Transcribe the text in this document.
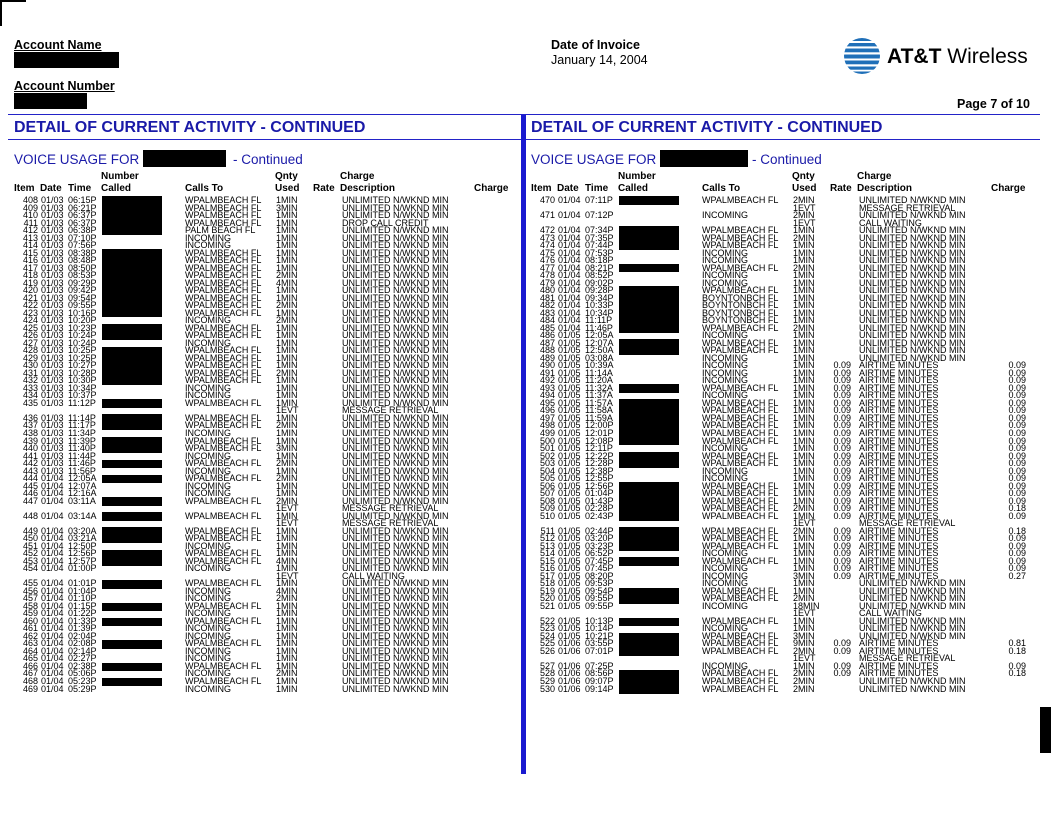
Account Name
Account Number
Date of Invoice
January 14, 2004	AT&T Wireless
Page 7 of 10
DETAIL OF CURRENT ACTIVITY - CONTINUED
VOICE USAGE FOR	- Continued
Number	Qnty	Charge
Item Date Time Called	Calls To	Used Rate Description	Charge
408 01/03 06:15P	WPALMBEACH FL	1MIN	UNLIMITED N/WKND MIN
409 01/03 06:21P	WPALMBEACH FL	3MIN	UNLIMITED N/WKND MIN
410 01/03 06:37P	WPALMBEACH FL	1MIN	UNLIMITED N/WKND MIN
411 01/03 06:37P	WPALMBEACH FL	1MIN	DROP CALL CREDIT
412 01/03 06:38P	PALM BEACH FL	1MIN	UNLIMITED N/WKND MIN
413 01/03 07:10P	INCOMING	1MIN	UNLIMITED N/WKND MIN
414 01/03 07:56P	INCOMING	1MIN	UNLIMITED N/WKND MIN
415 01/03 08:38P	WPALMBEACH FL	1MIN	UNLIMITED N/WKND MIN
416 01/03 08:48P	WPALMBEACH FL	1MIN	UNLIMITED N/WKND MIN
417 01/03 08:50P	WPALMBEACH FL	1MIN	UNLIMITED N/WKND MIN
418 01/03 08:53P	WPALMBEACH FL	2MIN	UNLIMITED N/WKND MIN
419 01/03 09:29P	WPALMBEACH FL	4MIN	UNLIMITED N/WKND MIN
420 01/03 09:42P	WPALMBEACH FL	1MIN	UNLIMITED N/WKND MIN
421 01/03 09:54P	WPALMBEACH FL	1MIN	UNLIMITED N/WKND MIN
422 01/03 09:55P	WPALMBEACH FL	2MIN	UNLIMITED N/WKND MIN
423 01/03 10:16P	WPALMBEACH FL	1MIN	UNLIMITED N/WKND MIN
424 01/03 10:20P	INCOMING	2MIN	UNLIMITED N/WKND MIN
425 01/03 10:23P	WPALMBEACH FL	1MIN	UNLIMITED N/WKND MIN
426 01/03 10:24P	WPALMBEACH FL	1MIN	UNLIMITED N/WKND MIN
427 01/03 10:24P	INCOMING	1MIN	UNLIMITED N/WKND MIN
428 01/03 10:25P	WPALMBEACH FL	1MIN	UNLIMITED N/WKND MIN
429 01/03 10:25P	WPALMBEACH FL	1MIN	UNLIMITED N/WKND MIN
430 01/03 10:27P	WPALMBEACH FL	1MIN	UNLIMITED N/WKND MIN
431 01/03 10:28P	WPALMBEACH FL	2MIN	UNLIMITED N/WKND MIN
432 01/03 10:30P	WPALMBEACH FL	1MIN	UNLIMITED N/WKND MIN
433 01/03 10:34P	INCOMING	1MIN	UNLIMITED N/WKND MIN
434 01/03 10:37P	INCOMING	1MIN	UNLIMITED N/WKND MIN
435 01/03 11:12P	WPALMBEACH FL	1MIN	UNLIMITED N/WKND MIN
1EVT	MESSAGE RETRIEVAL
436 01/03 11:14P	WPALMBEACH FL	1MIN	UNLIMITED N/WKND MIN
437 01/03 11:17P	WPALMBEACH FL	2MIN	UNLIMITED N/WKND MIN
438 01/03 11:34P	INCOMING	1MIN	UNLIMITED N/WKND MIN
439 01/03 11:39P	WPALMBEACH FL	1MIN	UNLIMITED N/WKND MIN
440 01/03 11:40P	WPALMBEACH FL	3MIN	UNLIMITED N/WKND MIN
441 01/03 11:44P	INCOMING	1MIN	UNLIMITED N/WKND MIN
442 01/03 11:46P	WPALMBEACH FL	2MIN	UNLIMITED N/WKND MIN
443 01/03 11:56P	INCOMING	1MIN	UNLIMITED N/WKND MIN
444 01/04 12:05A	WPALMBEACH FL	2MIN	UNLIMITED N/WKND MIN
445 01/04 12:07A	INCOMING	1MIN	UNLIMITED N/WKND MIN
446 01/04 12:16A	INCOMING	1MIN	UNLIMITED N/WKND MIN
447 01/04 03:11A	WPALMBEACH FL	2MIN	UNLIMITED N/WKND MIN
1EVT	MESSAGE RETRIEVAL
448 01/04 03:14A	WPALMBEACH FL	1MIN	UNLIMITED N/WKND MIN
1EVT	MESSAGE RETRIEVAL
449 01/04 03:20A	WPALMBEACH FL	1MIN	UNLIMITED N/WKND MIN
450 01/04 03:21A	WPALMBEACH FL	1MIN	UNLIMITED N/WKND MIN
451 01/04 12:50P	INCOMING	1MIN	UNLIMITED N/WKND MIN
452 01/04 12:56P	WPALMBEACH FL	1MIN	UNLIMITED N/WKND MIN
453 01/04 12:57P	WPALMBEACH FL	4MIN	UNLIMITED N/WKND MIN
454 01/04 01:00P	INCOMING	1MIN	UNLIMITED N/WKND MIN
1EVT	CALL WAITING
455 01/04 01:01P	WPALMBEACH FL	1MIN	UNLIMITED N/WKND MIN
456 01/04 01:04P	INCOMING	4MIN	UNLIMITED N/WKND MIN
457 01/04 01:10P	INCOMING	2MIN	UNLIMITED N/WKND MIN
458 01/04 01:15P	WPALMBEACH FL	1MIN	UNLIMITED N/WKND MIN
459 01/04 01:22P	INCOMING	1MIN	UNLIMITED N/WKND MIN
460 01/04 01:33P	WPALMBEACH FL	1MIN	UNLIMITED N/WKND MIN
461 01/04 01:39P	INCOMING	1MIN	UNLIMITED N/WKND MIN
462 01/04 02:04P	INCOMING	1MIN	UNLIMITED N/WKND MIN
463 01/04 02:08P	WPALMBEACH FL	1MIN	UNLIMITED N/WKND MIN
464 01/04 02:14P	INCOMING	1MIN	UNLIMITED N/WKND MIN
465 01/04 02:27P	INCOMING	1MIN	UNLIMITED N/WKND MIN
466 01/04 02:38P	WPALMBEACH FL	1MIN	UNLIMITED N/WKND MIN
467 01/04 05:06P	INCOMING	2MIN	UNLIMITED N/WKND MIN
468 01/04 05:23P	WPALMBEACH FL	1MIN	UNLIMITED N/WKND MIN
469 01/04 05:29P	INCOMING	1MIN	UNLIMITED N/WKND MIN
DETAIL OF CURRENT ACTIVITY - CONTINUED
VOICE USAGE FOR	- Continued
Number	Qnty	Charge
Item Date Time Called	Calls To	Used Rate Description	Charge
470 01/04 07:11P	WPALMBEACH FL	2MIN	UNLIMITED N/WKND MIN
1EVT	MESSAGE RETRIEVAL
471 01/04 07:12P	INCOMING	2MIN	UNLIMITED N/WKND MIN
1EVT	CALL WAITING
472 01/04 07:34P	WPALMBEACH FL	1MIN	UNLIMITED N/WKND MIN
473 01/04 07:35P	WPALMBEACH FL	2MIN	UNLIMITED N/WKND MIN
474 01/04 07:44P	WPALMBEACH FL	1MIN	UNLIMITED N/WKND MIN
475 01/04 07:53P	INCOMING	1MIN	UNLIMITED N/WKND MIN
476 01/04 08:18P	INCOMING	1MIN	UNLIMITED N/WKND MIN
477 01/04 08:21P	WPALMBEACH FL	2MIN	UNLIMITED N/WKND MIN
478 01/04 08:52P	INCOMING	1MIN	UNLIMITED N/WKND MIN
479 01/04 09:02P	INCOMING	1MIN	UNLIMITED N/WKND MIN
480 01/04 09:28P	WPALMBEACH FL	1MIN	UNLIMITED N/WKND MIN
481 01/04 09:34P	BOYNTONBCH FL	1MIN	UNLIMITED N/WKND MIN
482 01/04 10:33P	BOYNTONBCH FL	1MIN	UNLIMITED N/WKND MIN
483 01/04 10:34P	BOYNTONBCH FL	1MIN	UNLIMITED N/WKND MIN
484 01/04 11:11P	BOYNTONBCH FL	1MIN	UNLIMITED N/WKND MIN
485 01/04 11:46P	WPALMBEACH FL	2MIN	UNLIMITED N/WKND MIN
486 01/05 12:05A	INCOMING	1MIN	UNLIMITED N/WKND MIN
487 01/05 12:07A	WPALMBEACH FL	1MIN	UNLIMITED N/WKND MIN
488 01/05 12:50A	WPALMBEACH FL	1MIN	UNLIMITED N/WKND MIN
489 01/05 03:08A	INCOMING	1MIN	UNLIMITED N/WKND MIN
490 01/05 10:39A	INCOMING	1MIN	0.09 AIRTIME MINUTES	0.09
491 01/05 11:14A	INCOMING	1MIN	0.09 AIRTIME MINUTES	0.09
492 01/05 11:20A	INCOMING	1MIN	0.09 AIRTIME MINUTES	0.09
493 01/05 11:32A	WPALMBEACH FL	1MIN	0.09 AIRTIME MINUTES	0.09
494 01/05 11:37A	INCOMING	1MIN	0.09 AIRTIME MINUTES	0.09
495 01/05 11:57A	WPALMBEACH FL	1MIN	0.09 AIRTIME MINUTES	0.09
496 01/05 11:58A	WPALMBEACH FL	1MIN	0.09 AIRTIME MINUTES	0.09
497 01/05 11:59A	WPALMBEACH FL	1MIN	0.09 AIRTIME MINUTES	0.09
498 01/05 12:00P	WPALMBEACH FL	1MIN	0.09 AIRTIME MINUTES	0.09
499 01/05 12:01P	WPALMBEACH FL	1MIN	0.09 AIRTIME MINUTES	0.09
500 01/05 12:08P	WPALMBEACH FL	1MIN	0.09 AIRTIME MINUTES	0.09
501 01/05 12:11P	INCOMING	1MIN	0.09 AIRTIME MINUTES	0.09
502 01/05 12:22P	WPALMBEACH FL	1MIN	0.09 AIRTIME MINUTES	0.09
503 01/05 12:28P	WPALMBEACH FL	1MIN	0.09 AIRTIME MINUTES	0.09
504 01/05 12:38P	INCOMING	1MIN	0.09 AIRTIME MINUTES	0.09
505 01/05 12:55P	INCOMING	1MIN	0.09 AIRTIME MINUTES	0.09
506 01/05 12:56P	WPALMBEACH FL	1MIN	0.09 AIRTIME MINUTES	0.09
507 01/05 01:04P	WPALMBEACH FL	1MIN	0.09 AIRTIME MINUTES	0.09
508 01/05 01:43P	WPALMBEACH FL	1MIN	0.09 AIRTIME MINUTES	0.09
509 01/05 02:28P	WPALMBEACH FL	2MIN	0.09 AIRTIME MINUTES	0.18
510 01/05 02:43P	WPALMBEACH FL	1MIN	0.09 AIRTIME MINUTES	0.09
1EVT	MESSAGE RETRIEVAL
511 01/05 02:44P	WPALMBEACH FL	2MIN	0.09 AIRTIME MINUTES	0.18
512 01/05 03:20P	WPALMBEACH FL	1MIN	0.09 AIRTIME MINUTES	0.09
513 01/05 03:23P	WPALMBEACH FL	1MIN	0.09 AIRTIME MINUTES	0.09
514 01/05 06:52P	INCOMING	1MIN	0.09 AIRTIME MINUTES	0.09
515 01/05 07:45P	WPALMBEACH FL	1MIN	0.09 AIRTIME MINUTES	0.09
516 01/05 07:45P	INCOMING	1MIN	0.09 AIRTIME MINUTES	0.09
517 01/05 08:20P	INCOMING	3MIN	0.09 AIRTIME MINUTES	0.27
518 01/05 09:53P	INCOMING	1MIN	UNLIMITED N/WKND MIN
519 01/05 09:54P	WPALMBEACH FL	1MIN	UNLIMITED N/WKND MIN
520 01/05 09:55P	WPALMBEACH FL	2MIN	UNLIMITED N/WKND MIN
521 01/05 09:55P	INCOMING	18MIN	UNLIMITED N/WKND MIN
1EVT	CALL WAITING
522 01/05 10:13P	WPALMBEACH FL	1MIN	UNLIMITED N/WKND MIN
523 01/05 10:14P	INCOMING	1MIN	UNLIMITED N/WKND MIN
524 01/05 10:21P	WPALMBEACH FL	3MIN	UNLIMITED N/WKND MIN
525 01/06 03:55P	WPALMBEACH FL	9MIN	0.09 AIRTIME MINUTES	0.81
526 01/06 07:01P	WPALMBEACH FL	2MIN	0.09 AIRTIME MINUTES	0.18
1EVT	MESSAGE RETRIEVAL
527 01/06 07:25P	INCOMING	1MIN	0.09 AIRTIME MINUTES	0.09
528 01/06 08:56P	WPALMBEACH FL	2MIN	0.09 AIRTIME MINUTES	0.18
529 01/06 09:07P	WPALMBEACH FL	2MIN	UNLIMITED N/WKND MIN
530 01/06 09:14P	WPALMBEACH FL	2MIN	UNLIMITED N/WKND MIN
